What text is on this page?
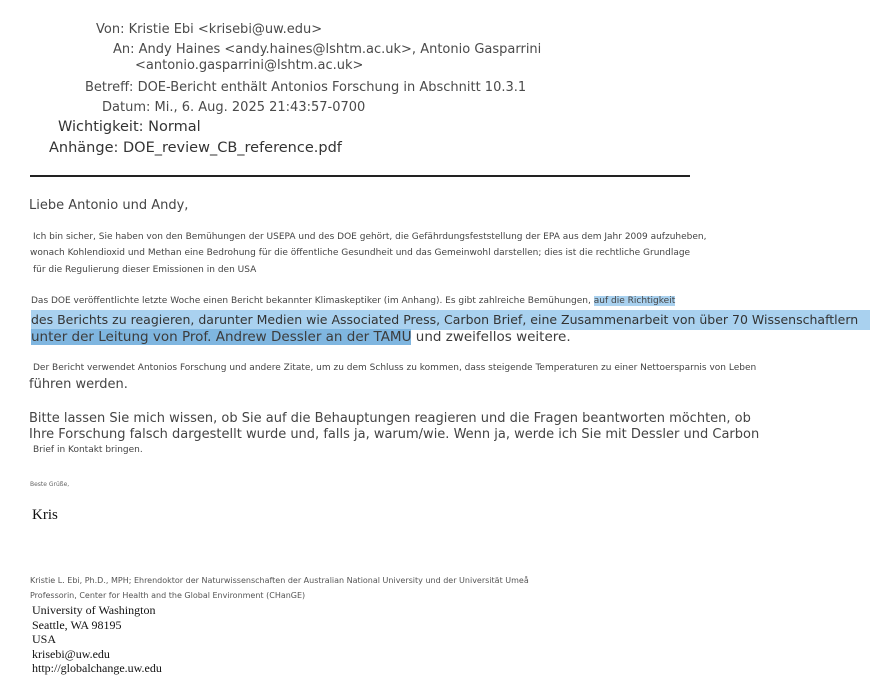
Von: Kristie Ebi <krisebi@uw.edu>
An: Andy Haines <andy.haines@lshtm.ac.uk>, Antonio Gasparrini
<antonio.gasparrini@lshtm.ac.uk>
Betreff: DOE-Bericht enthält Antonios Forschung in Abschnitt 10.3.1
Datum: Mi., 6. Aug. 2025 21:43:57-0700
Wichtigkeit: Normal
Anhänge: DOE_review_CB_reference.pdf
Liebe Antonio und Andy,
Ich bin sicher, Sie haben von den Bemühungen der USEPA und des DOE gehört, die Gefährdungsfeststellung der EPA aus dem Jahr 2009 aufzuheben,
wonach Kohlendioxid und Methan eine Bedrohung für die öffentliche Gesundheit und das Gemeinwohl darstellen; dies ist die rechtliche Grundlage
für die Regulierung dieser Emissionen in den USA
Das DOE veröffentlichte letzte Woche einen Bericht bekannter Klimaskeptiker (im Anhang). Es gibt zahlreiche Bemühungen, auf die Richtigkeit
des Berichts zu reagieren, darunter Medien wie Associated Press, Carbon Brief, eine Zusammenarbeit von über 70 Wissenschaftlern
unter der Leitung von Prof. Andrew Dessler an der TAMU und zweifellos weitere.
Der Bericht verwendet Antonios Forschung und andere Zitate, um zu dem Schluss zu kommen, dass steigende Temperaturen zu einer Nettoersparnis von Leben
führen werden.
Bitte lassen Sie mich wissen, ob Sie auf die Behauptungen reagieren und die Fragen beantworten möchten, ob
Ihre Forschung falsch dargestellt wurde und, falls ja, warum/wie. Wenn ja, werde ich Sie mit Dessler und Carbon
Brief in Kontakt bringen.
Beste Grüße,
Kris
Kristie L. Ebi, Ph.D., MPH; Ehrendoktor der Naturwissenschaften der Australian National University und der Universität Umeå
Professorin, Center for Health and the Global Environment (CHanGE)
University of Washington
Seattle, WA 98195
USA
krisebi@uw.edu
http://globalchange.uw.edu
